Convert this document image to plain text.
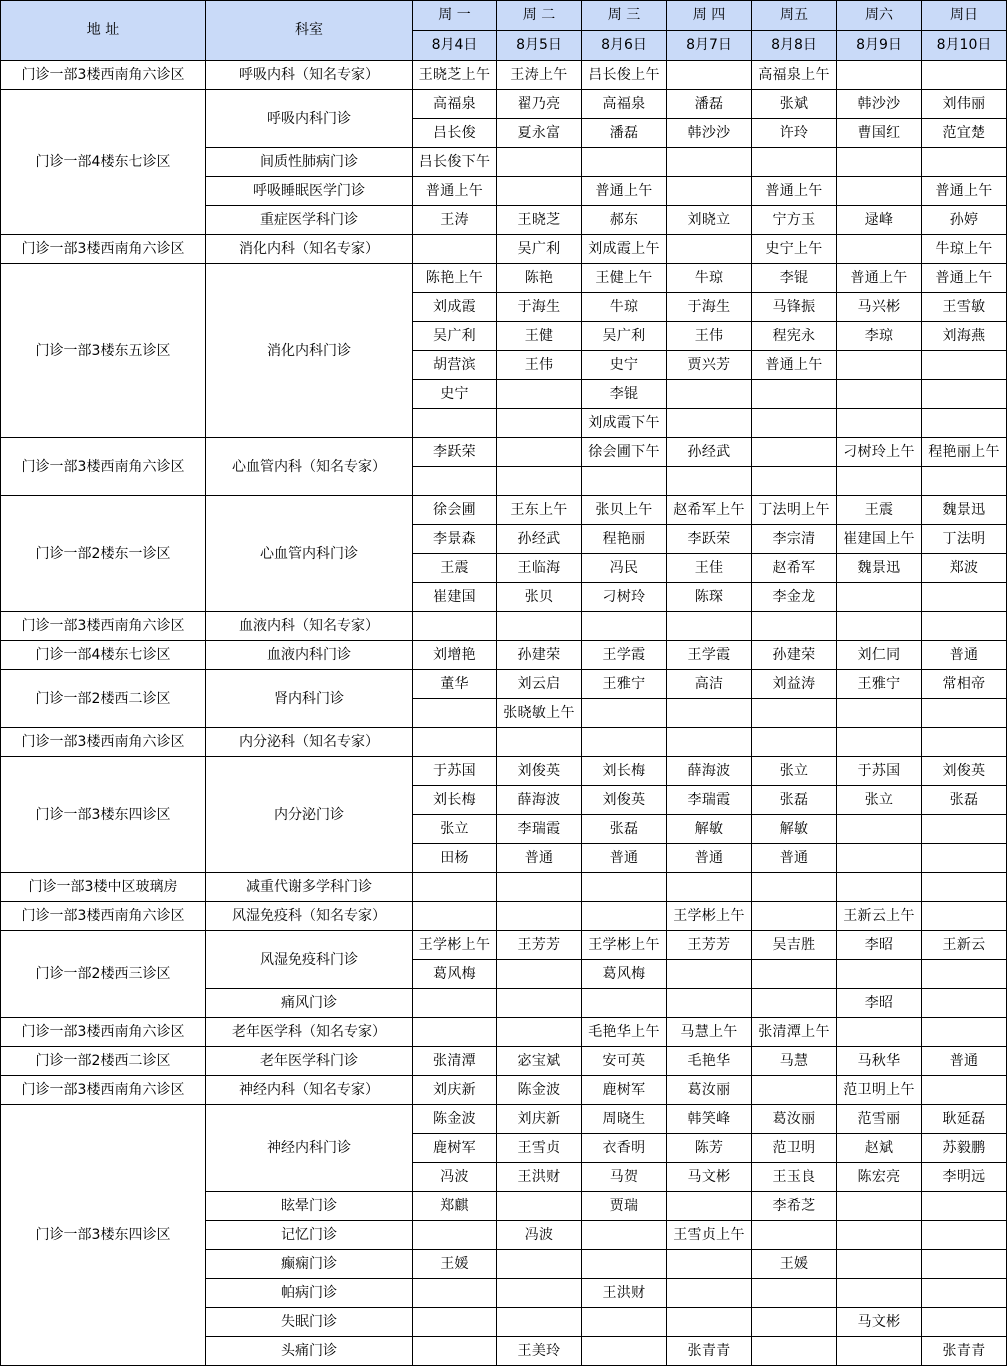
地 址	科室	周 一	周 二	周 三	周 四	周五	周六	周日
		8月4日	8月5日	8月6日	8月7日	8月8日	8月9日	8月10日
门诊一部3楼西南角六诊区	呼吸内科（知名专家）	王晓芝上午	王涛上午	吕长俊上午		高福泉上午		
门诊一部4楼东七诊区	呼吸内科门诊	高福泉	翟乃亮	高福泉	潘磊	张斌	韩沙沙	刘伟丽
		吕长俊	夏永富	潘磊	韩沙沙	许玲	曹国红	范宜楚
	间质性肺病门诊	吕长俊下午						
	呼吸睡眠医学门诊	普通上午		普通上午		普通上午		普通上午
	重症医学科门诊	王涛	王晓芝	郝东	刘晓立	宁方玉	逯峰	孙婷
门诊一部3楼西南角六诊区	消化内科（知名专家）		吴广利	刘成霞上午		史宁上午		牛琼上午
门诊一部3楼东五诊区	消化内科门诊	陈艳上午	陈艳	王健上午	牛琼	李锟	普通上午	普通上午
		刘成霞	于海生	牛琼	于海生	马锋振	马兴彬	王雪敏
		吴广利	王健	吴广利	王伟	程宪永	李琼	刘海燕
		胡营滨	王伟	史宁	贾兴芳	普通上午		
		史宁		李锟				
				刘成霞下午				
门诊一部3楼西南角六诊区	心血管内科（知名专家）	李跃荣		徐会圃下午	孙经武		刁树玲上午	程艳丽上午

门诊一部2楼东一诊区	心血管内科门诊	徐会圃	王东上午	张贝上午	赵希军上午	丁法明上午	王震	魏景迅
		李景森	孙经武	程艳丽	李跃荣	李宗清	崔建国上午	丁法明
		王震	王临海	冯民	王佳	赵希军	魏景迅	郑波
		崔建国	张贝	刁树玲	陈琛	李金龙		
门诊一部3楼西南角六诊区	血液内科（知名专家）							
门诊一部4楼东七诊区	血液内科门诊	刘增艳	孙建荣	王学霞	王学霞	孙建荣	刘仁同	普通
门诊一部2楼西二诊区	肾内科门诊	董华	刘云启	王雅宁	高洁	刘益涛	王雅宁	常相帝
			张晓敏上午					
门诊一部3楼西南角六诊区	内分泌科（知名专家）							
门诊一部3楼东四诊区	内分泌门诊	于苏国	刘俊英	刘长梅	薛海波	张立	于苏国	刘俊英
		刘长梅	薛海波	刘俊英	李瑞霞	张磊	张立	张磊
		张立	李瑞霞	张磊	解敏	解敏		
		田杨	普通	普通	普通	普通		
门诊一部3楼中区玻璃房	减重代谢多学科门诊							
门诊一部3楼西南角六诊区	风湿免疫科（知名专家）				王学彬上午		王新云上午	
门诊一部2楼西三诊区	风湿免疫科门诊	王学彬上午	王芳芳	王学彬上午	王芳芳	吴吉胜	李昭	王新云
		葛风梅		葛风梅				
	痛风门诊						李昭	
门诊一部3楼西南角六诊区	老年医学科（知名专家）			毛艳华上午	马慧上午	张清潭上午		
门诊一部2楼西二诊区	老年医学科门诊	张清潭	宓宝斌	安可英	毛艳华	马慧	马秋华	普通
门诊一部3楼西南角六诊区	神经内科（知名专家）	刘庆新	陈金波	鹿树军	葛汝丽		范卫明上午	
门诊一部3楼东四诊区	神经内科门诊	陈金波	刘庆新	周晓生	韩笑峰	葛汝丽	范雪丽	耿延磊
		鹿树军	王雪贞	衣香明	陈芳	范卫明	赵斌	苏毅鹏
		冯波	王洪财	马贺	马文彬	王玉良	陈宏亮	李明远
	眩晕门诊	郑麒		贾瑞		李希芝		
	记忆门诊		冯波		王雪贞上午			
	癫痫门诊	王媛				王媛		
	帕病门诊			王洪财				
	失眠门诊						马文彬	
	头痛门诊		王美玲		张青青			张青青
